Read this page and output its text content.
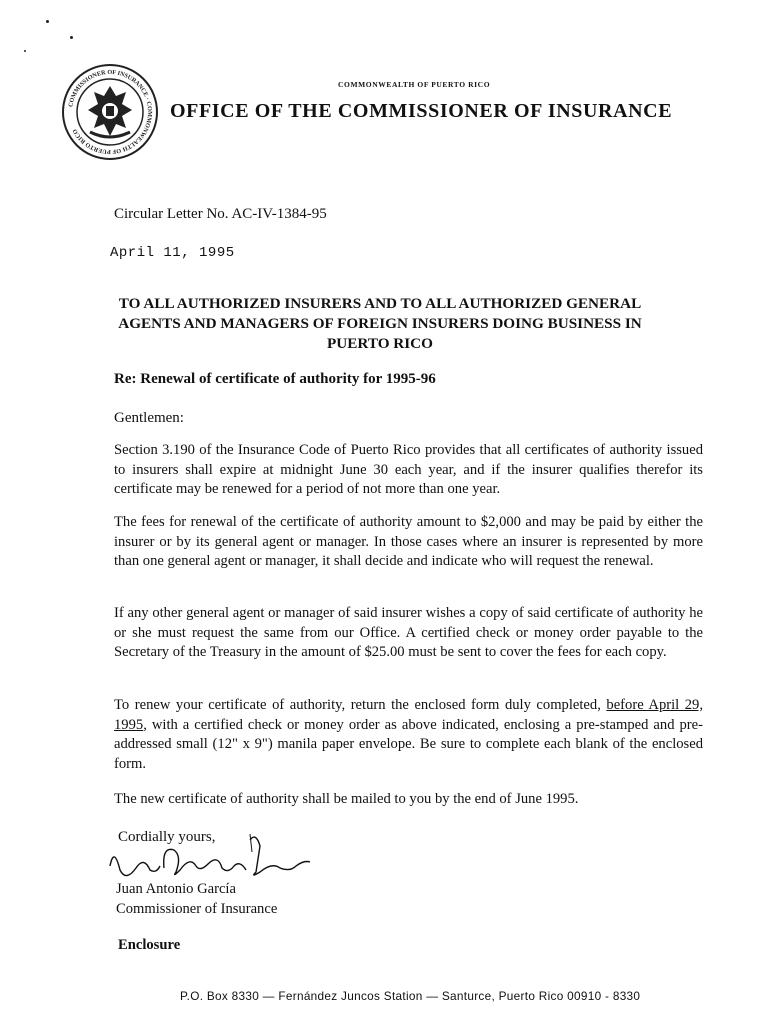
COMMISSIONER OF INSURANCE · COMMONWEALTH OF PUERTO RICO
COMMONWEALTH OF PUERTO RICO
OFFICE OF THE COMMISSIONER OF INSURANCE
Circular Letter No. AC-IV-1384-95
April 11, 1995
TO ALL AUTHORIZED INSURERS AND TO ALL AUTHORIZED GENERAL AGENTS AND MANAGERS OF FOREIGN INSURERS DOING BUSINESS IN PUERTO RICO
Re: Renewal of certificate of authority for 1995-96
Gentlemen:

Section 3.190 of the Insurance Code of Puerto Rico provides that all certificates of authority issued to insurers shall expire at midnight June 30 each year, and if the insurer qualifies therefor its certificate may be renewed for a period of not more than one year.

The fees for renewal of the certificate of authority amount to $2,000 and may be paid by either the insurer or by its general agent or manager. In those cases where an insurer is represented by more than one general agent or manager, it shall decide and indicate who will request the renewal.

If any other general agent or manager of said insurer wishes a copy of said certificate of authority he or she must request the same from our Office. A certified check or money order payable to the Secretary of the Treasury in the amount of $25.00 must be sent to cover the fees for each copy.

To renew your certificate of authority, return the enclosed form duly completed, before April 29, 1995, with a certified check or money order as above indicated, enclosing a pre-stamped and pre-addressed small (12" x 9") manila paper envelope. Be sure to complete each blank of the enclosed form.

The new certificate of authority shall be mailed to you by the end of June 1995.

Cordially yours,
Juan Antonio García
Commissioner of Insurance
Enclosure
P.O. Box 8330 — Fernández Juncos Station — Santurce, Puerto Rico 00910 - 8330
